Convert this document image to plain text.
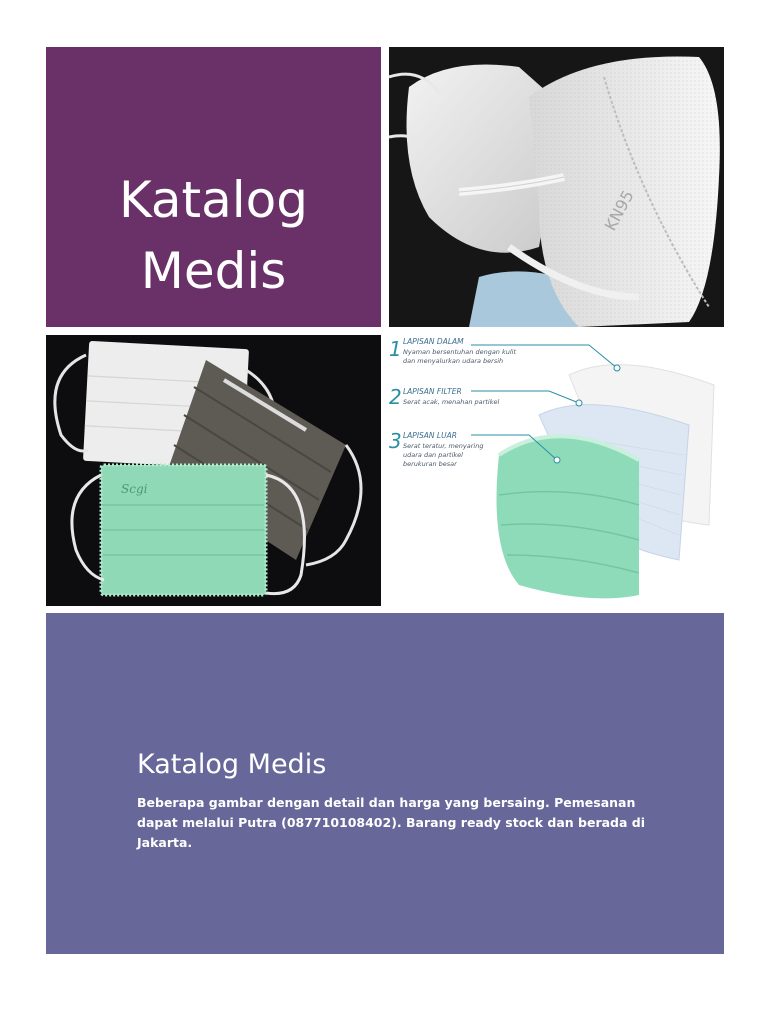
Katalog
Medis
KN95
Scgi
1 LAPISAN DALAM
Nyaman bersentuhan dengan kulit
dan menyalurkan udara bersih
2 LAPISAN FILTER
Serat acak, menahan partikel
3 LAPISAN LUAR
Serat teratur, menyaring
udara dan partikel
berukuran besar
Katalog Medis
Beberapa gambar dengan detail dan harga yang bersaing. Pemesanan dapat melalui Putra (087710108402). Barang ready stock dan berada di Jakarta.
